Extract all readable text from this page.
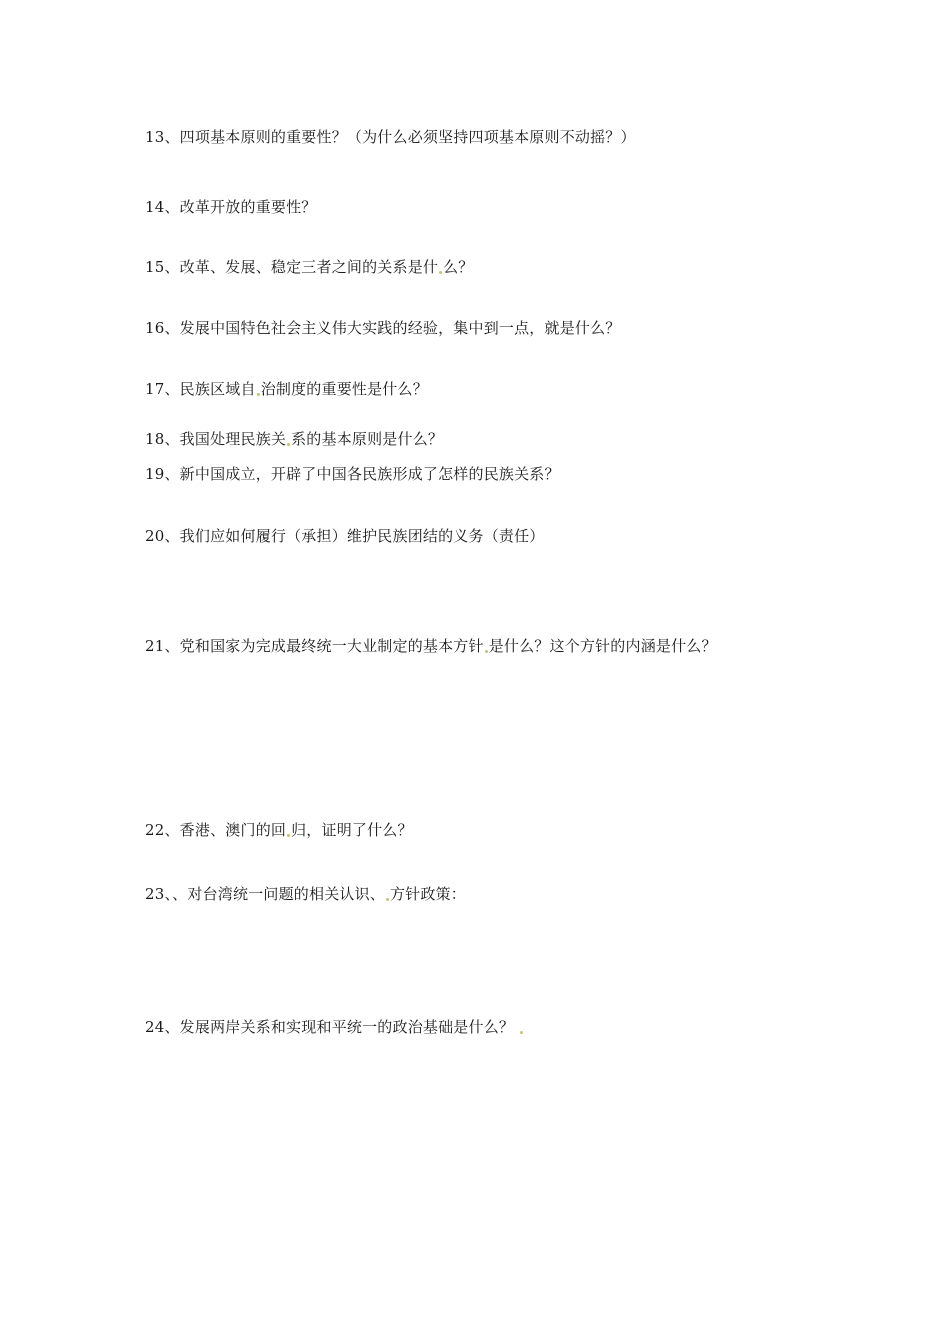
13、四项基本原则的重要性？（为什么必须坚持四项基本原则不动摇？）
14、改革开放的重要性？
15、改革、发展、稳定三者之间的关系是什 么？
16、发展中国特色社会主义伟大实践的经验，集中到一点，就是什么？
17、民族区域自 治制度的重要性是什么？
18、我国处理民族关 系的基本原则是什么？
19、新中国成立，开辟了中国各民族形成了怎样的民族关系？
20、我们应如何履行（承担）维护民族团结的义务（责任）
21、党和国家为完成最终统一大业制定的基本方针 是什么？这个方针的内涵是什么？
22、香港、澳门的回 归，证明了什么？
23、、对台湾统一问题的相关认识、 方针政策：
24、发展两岸关系和实现和平统一的政治基础是什么？
